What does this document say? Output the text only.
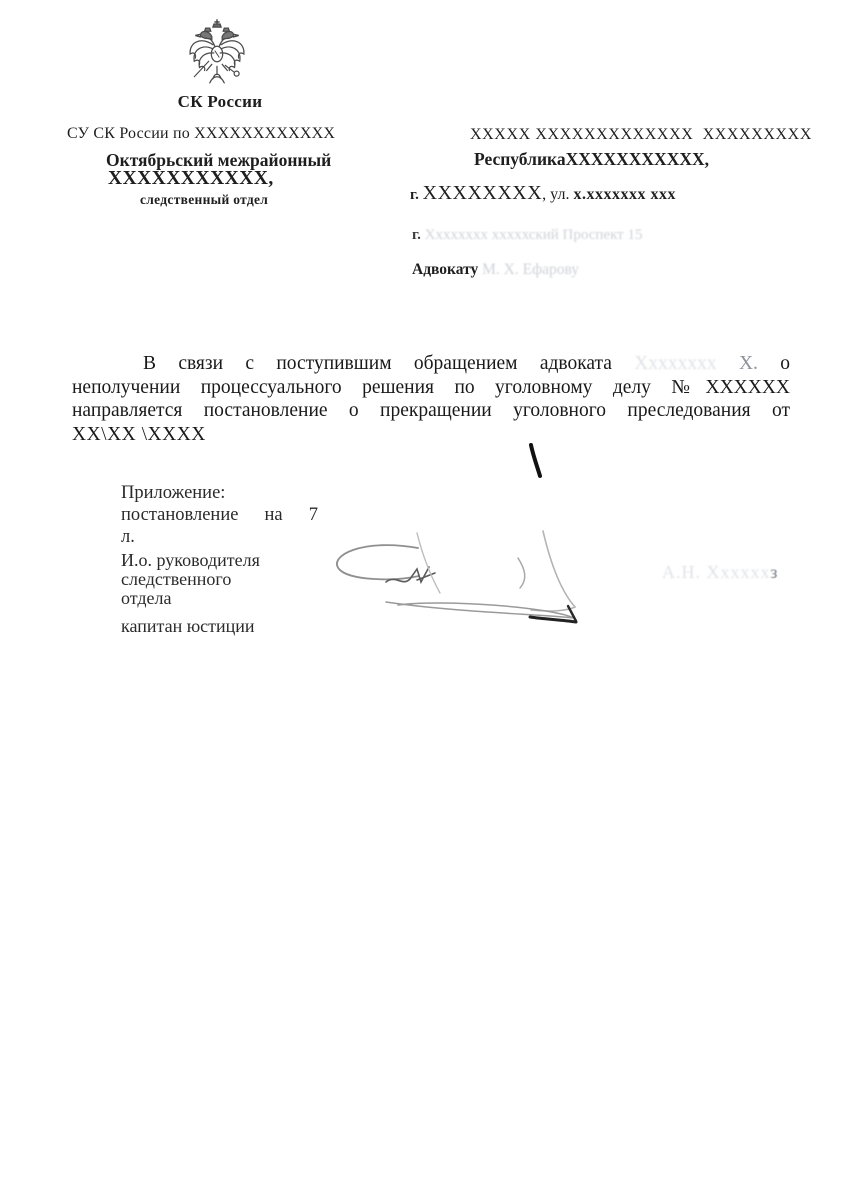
СК России
СУ СК России по ХХХХХХХХХХХХ
Октябрьский межрайонный
ХХХХХХХХХХХ,
следственный отдел
ХХХХХ ХХХХХХХХХХХХХ  ХХХХХХХХХ
РеспубликаХХХХХХХХХХХ,
г. ХХХХХХХХ, ул. х.ххххххх ххх
г. Хххххххх хххххский Проспект 15
Адвокату М. Х. Ефарову
В связи с поступившим обращением адвоката Хххххххх Х. о
неполучении процессуального решения по уголовному делу №ХХХХХХ
направляется постановление о прекращении уголовного преследования от
ХХ\ХХ \ХХХХ
Приложение:
постановление на 7
л.
И.о. руководителя
следственного
отдела
капитан юстиции
А.Н. Ххххххз
